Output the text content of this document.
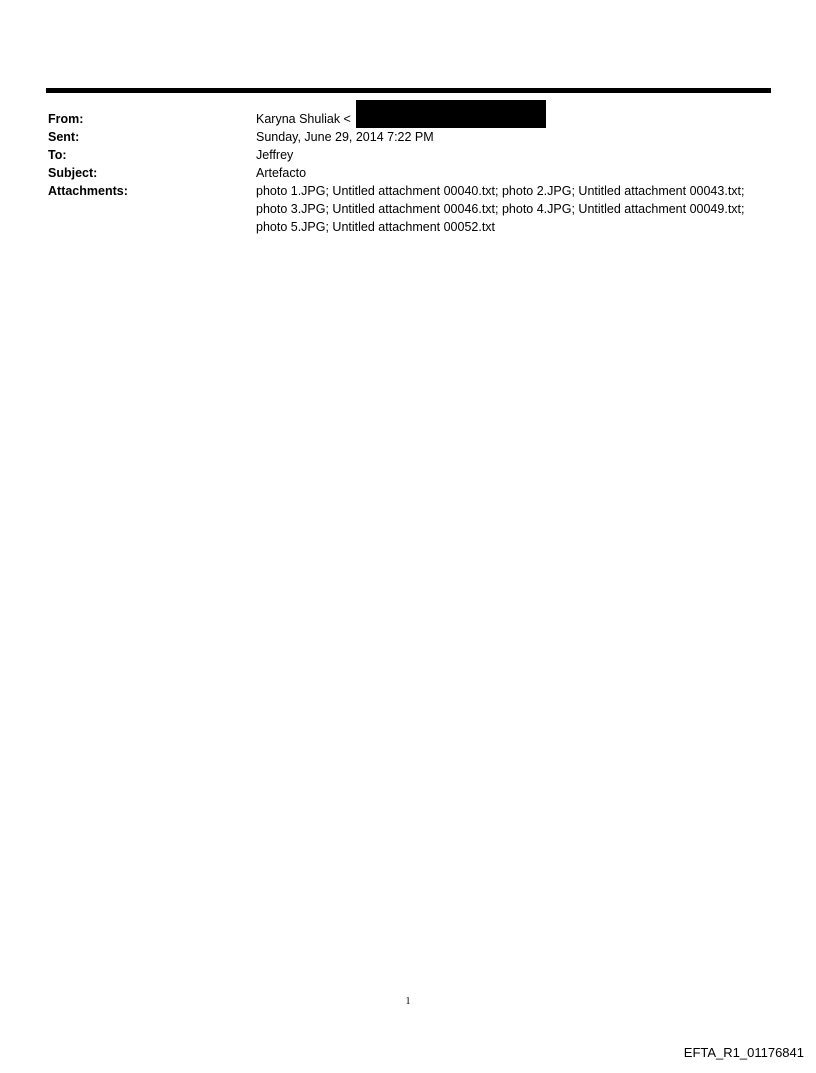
From:	Karyna Shuliak <
Sent:	Sunday, June 29, 2014 7:22 PM
To:	Jeffrey
Subject:	Artefacto
Attachments:	photo 1.JPG; Untitled attachment 00040.txt; photo 2.JPG; Untitled attachment 00043.txt; photo 3.JPG; Untitled attachment 00046.txt; photo 4.JPG; Untitled attachment 00049.txt; photo 5.JPG; Untitled attachment 00052.txt
1
EFTA_R1_01176841
